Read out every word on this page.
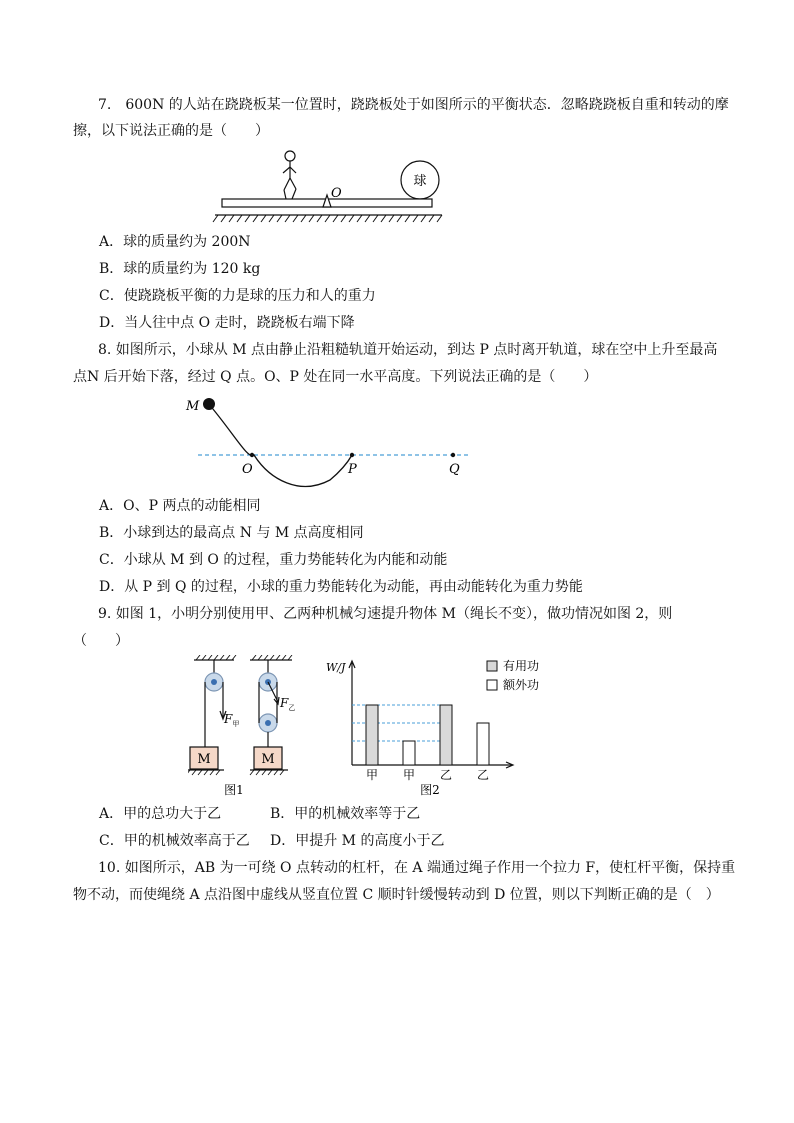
7.　600N 的人站在跷跷板某一位置时，跷跷板处于如图所示的平衡状态．忽略跷跷板自重和转动的摩
擦，以下说法正确的是（　　）
球
O
A．球的质量约为 200N
B．球的质量约为 120 kg
C．使跷跷板平衡的力是球的压力和人的重力
D．当人往中点 O 走时，跷跷板右端下降
8. 如图所示，小球从 M 点由静止沿粗糙轨道开始运动，到达 P 点时离开轨道，球在空中上升至最高
点N 后开始下落，经过 Q 点。O、P 处在同一水平高度。下列说法正确的是（　　）
M
O	P	Q
A．O、P 两点的动能相同
B．小球到达的最高点 N 与 M 点高度相同
C．小球从 M 到 O 的过程，重力势能转化为内能和动能
D．从 P 到 Q 的过程，小球的重力势能转化为动能，再由动能转化为重力势能
9. 如图 1，小明分别使用甲、乙两种机械匀速提升物体 M（绳长不变），做功情况如图 2，则
（　　）
$F_甲$
M
$F_乙$
M
图1
W/J
甲 甲 乙 乙
有用功
额外功
图2
A．甲的总功大于乙	B．甲的机械效率等于乙
C．甲的机械效率高于乙 D．甲提升 M 的高度小于乙
10. 如图所示，AB 为一可绕 O 点转动的杠杆，在 A 端通过绳子作用一个拉力 F，使杠杆平衡，保持重
物不动，而使绳绕 A 点沿图中虚线从竖直位置 C 顺时针缓慢转动到 D 位置，则以下判断正确的是（　）
